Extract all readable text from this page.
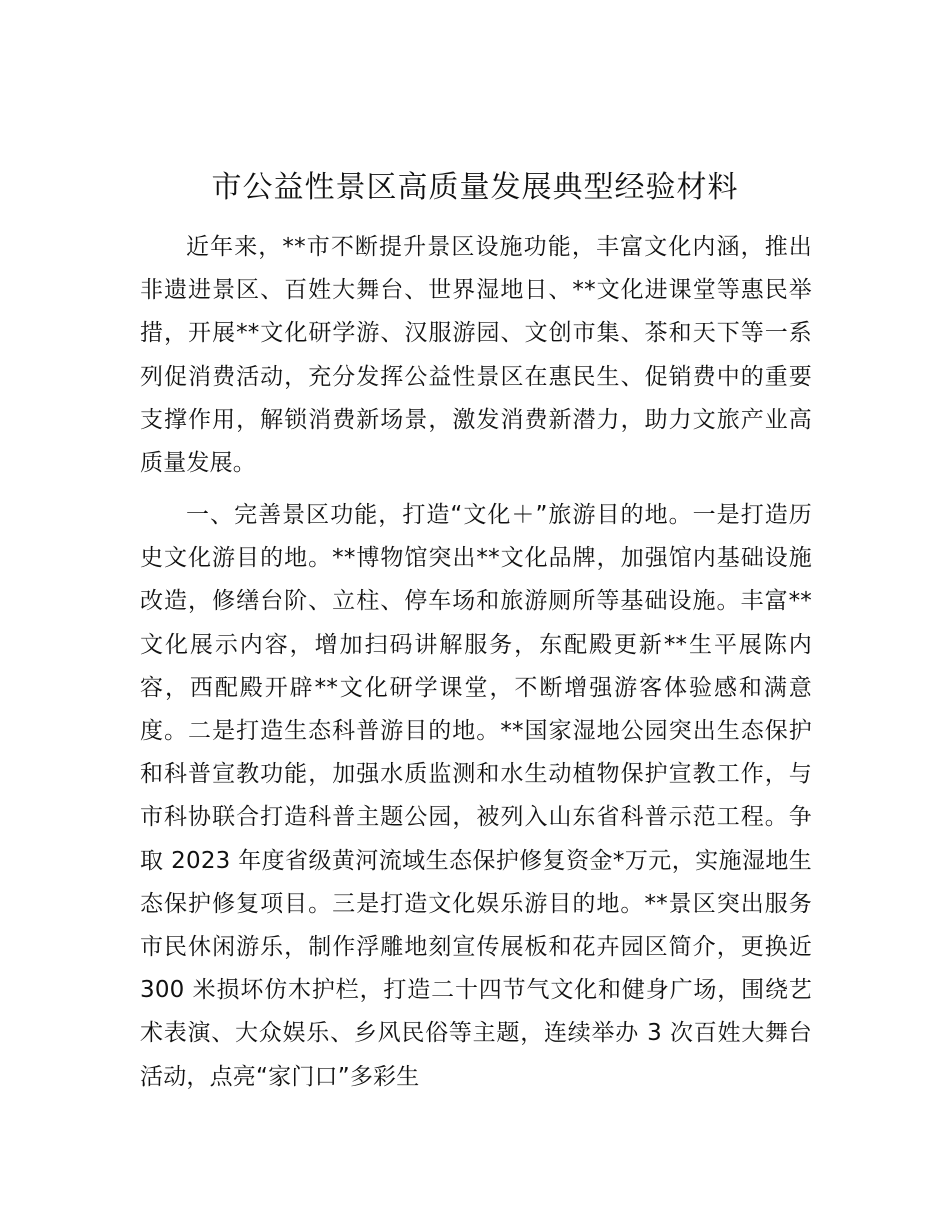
市公益性景区高质量发展典型经验材料

近年来，**市不断提升景区设施功能，丰富文化内涵，推出非遗进景区、百姓大舞台、世界湿地日、**文化进课堂等惠民举措，开展**文化研学游、汉服游园、文创市集、茶和天下等一系列促消费活动，充分发挥公益性景区在惠民生、促销费中的重要支撑作用，解锁消费新场景，激发消费新潜力，助力文旅产业高质量发展。

一、完善景区功能，打造“文化＋”旅游目的地。一是打造历史文化游目的地。**博物馆突出**文化品牌，加强馆内基础设施改造，修缮台阶、立柱、停车场和旅游厕所等基础设施。丰富**文化展示内容，增加扫码讲解服务，东配殿更新**生平展陈内容，西配殿开辟**文化研学课堂，不断增强游客体验感和满意度。二是打造生态科普游目的地。**国家湿地公园突出生态保护和科普宣教功能，加强水质监测和水生动植物保护宣教工作，与市科协联合打造科普主题公园，被列入山东省科普示范工程。争取 2023 年度省级黄河流域生态保护修复资金*万元，实施湿地生态保护修复项目。三是打造文化娱乐游目的地。**景区突出服务市民休闲游乐，制作浮雕地刻宣传展板和花卉园区简介，更换近 300 米损坏仿木护栏，打造二十四节气文化和健身广场，围绕艺术表演、大众娱乐、乡风民俗等主题，连续举办 3 次百姓大舞台活动，点亮“家门口”多彩生
